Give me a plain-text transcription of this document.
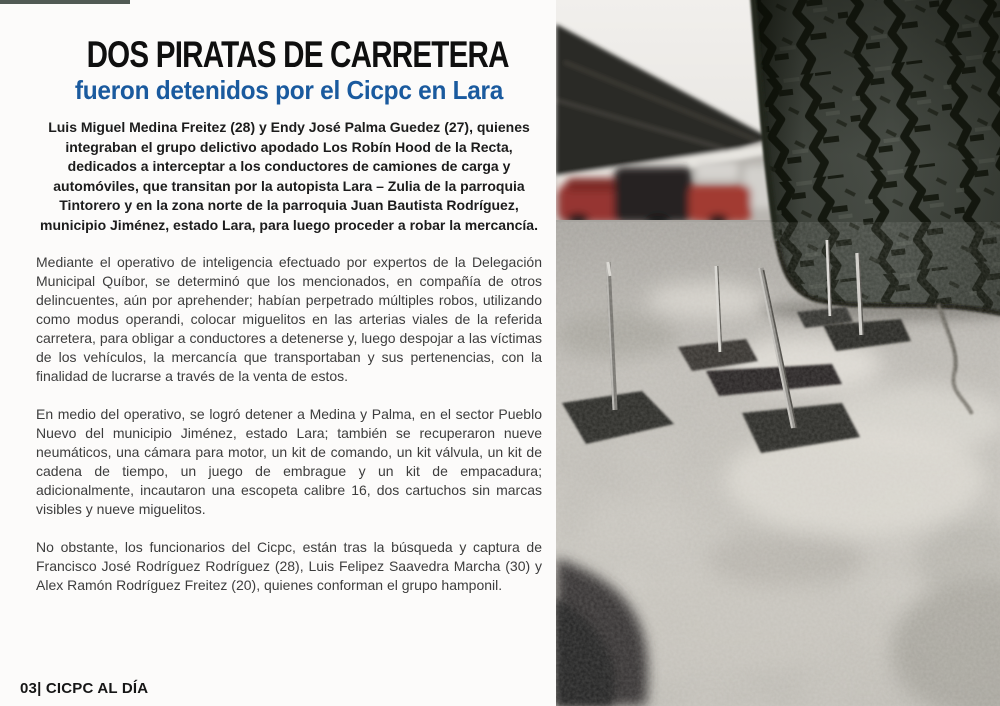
DOS PIRATAS DE CARRETERA
fueron detenidos por el Cicpc en Lara

Luis Miguel Medina Freitez (28) y Endy José Palma Guedez (27), quienes integraban el grupo delictivo apodado Los Robín Hood de la Recta, dedicados a interceptar a los conductores de camiones de carga y automóviles, que transitan por la autopista Lara – Zulia de la parroquia Tintorero y en la zona norte de la parroquia Juan Bautista Rodríguez, municipio Jiménez, estado Lara, para luego proceder a robar la mercancía.

Mediante el operativo de inteligencia efectuado por expertos de la Delegación Municipal Quíbor, se determinó que los mencionados, en compañía de otros delincuentes, aún por aprehender; habían perpetrado múltiples robos, utilizando como modus operandi, colocar miguelitos en las arterias viales de la referida carretera, para obligar a conductores a detenerse y, luego despojar a las víctimas de los vehículos, la mercancía que transportaban y sus pertenencias, con la finalidad de lucrarse a través de la venta de estos.

En medio del operativo, se logró detener a Medina y Palma, en el sector Pueblo Nuevo del municipio Jiménez, estado Lara; también se recuperaron nueve neumáticos, una cámara para motor, un kit de comando, un kit válvula, un kit de cadena de tiempo, un juego de embrague y un kit de empacadura; adicionalmente, incautaron una escopeta calibre 16, dos cartuchos sin marcas visibles y nueve miguelitos.

No obstante, los funcionarios del Cicpc, están tras la búsqueda y captura de Francisco José Rodríguez Rodríguez (28), Luis Felipez Saavedra Marcha (30) y Alex Ramón Rodríguez Freitez (20), quienes conforman el grupo hamponil.

03| CICPC AL DÍA
